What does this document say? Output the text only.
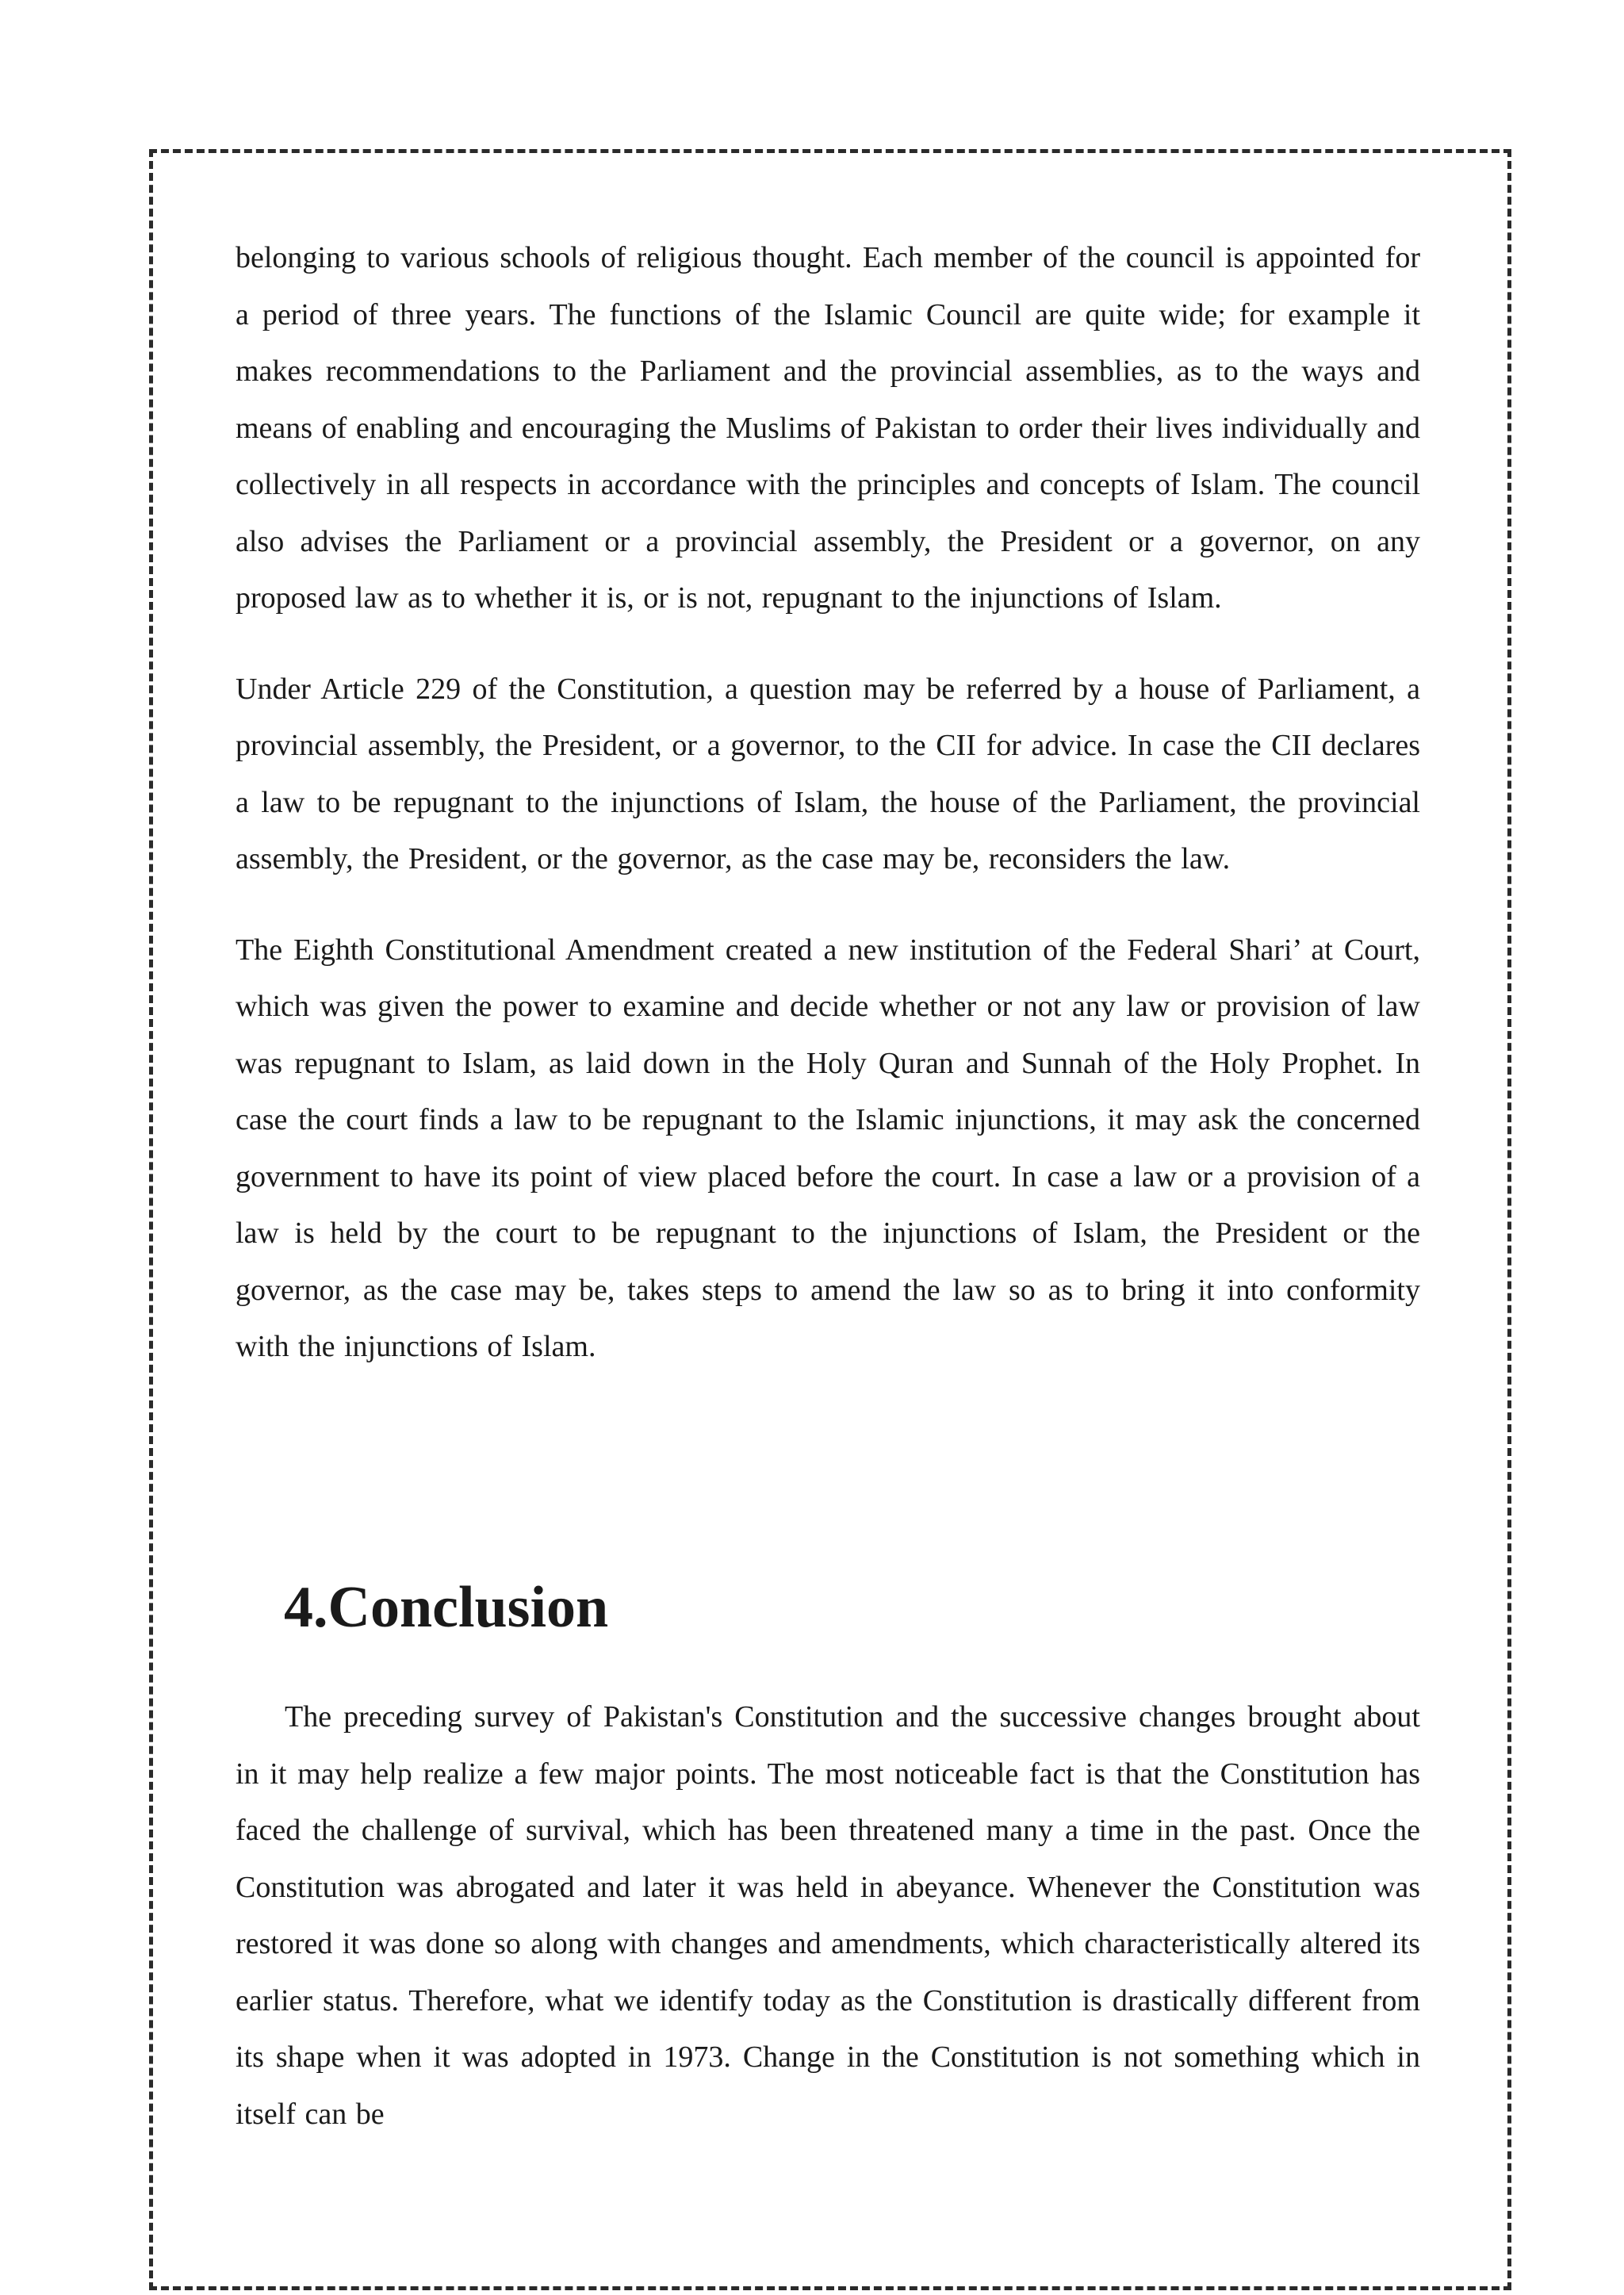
belonging to various schools of religious thought. Each member of the council is appointed for a period of three years. The functions of the Islamic Council are quite wide; for example it makes recommendations to the Parliament and the provincial assemblies, as to the ways and means of enabling and encouraging the Muslims of Pakistan to order their lives individually and collectively in all respects in accordance with the principles and concepts of Islam. The council also advises the Parliament or a provincial assembly, the President or a governor, on any proposed law as to whether it is, or is not, repugnant to the injunctions of Islam.

Under Article 229 of the Constitution, a question may be referred by a house of Parliament, a provincial assembly, the President, or a governor, to the CII for advice. In case the CII declares a law to be repugnant to the injunctions of Islam, the house of the Parliament, the provincial assembly, the President, or the governor, as the case may be, reconsiders the law.

The Eighth Constitutional Amendment created a new institution of the Federal Shari’ at Court, which was given the power to examine and decide whether or not any law or provision of law was repugnant to Islam, as laid down in the Holy Quran and Sunnah of the Holy Prophet. In case the court finds a law to be repugnant to the Islamic injunctions, it may ask the concerned government to have its point of view placed before the court. In case a law or a provision of a law is held by the court to be repugnant to the injunctions of Islam, the President or the governor, as the case may be, takes steps to amend the law so as to bring it into conformity with the injunctions of Islam.

4.Conclusion

The preceding survey of Pakistan's Constitution and the successive changes brought about in it may help realize a few major points. The most noticeable fact is that the Constitution has faced the challenge of survival, which has been threatened many a time in the past. Once the Constitution was abrogated and later it was held in abeyance. Whenever the Constitution was restored it was done so along with changes and amendments, which characteristically altered its earlier status. Therefore, what we identify today as the Constitution is drastically different from its shape when it was adopted in 1973. Change in the Constitution is not something which in itself can be
